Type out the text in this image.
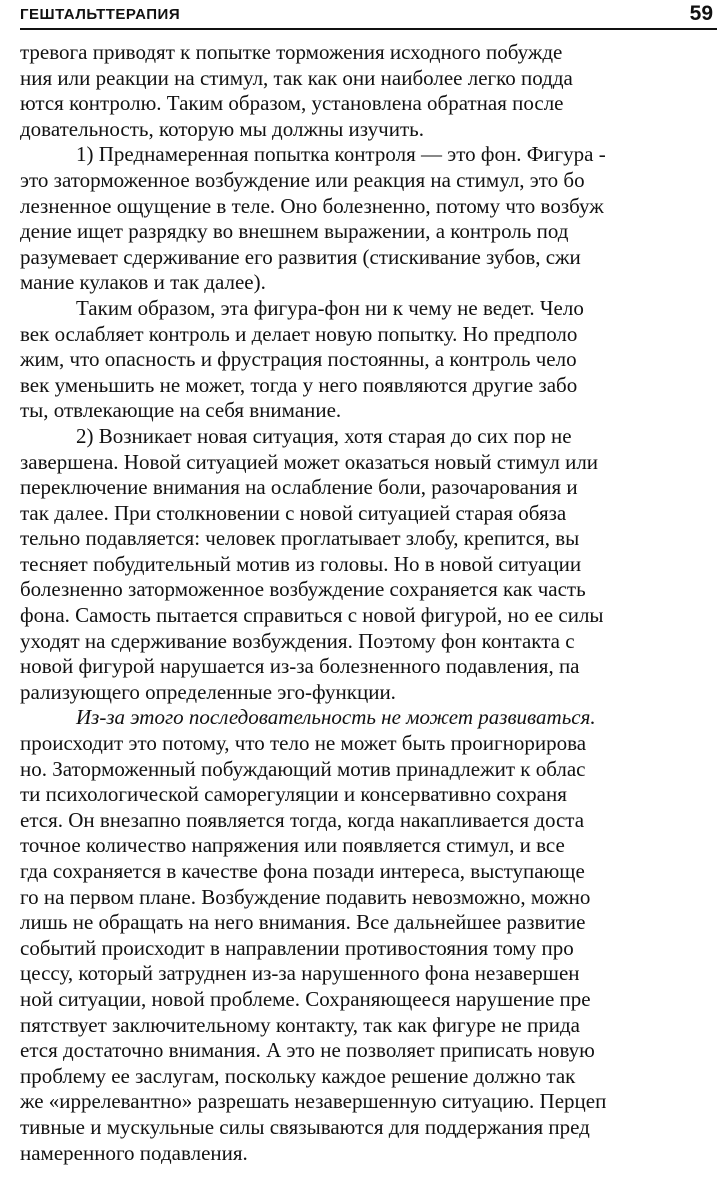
ГЕШТАЛЬТТЕРАПИЯ	59
тревога приводят к попытке торможения исходного побужде
ния или реакции на стимул, так как они наиболее легко подда
ются контролю. Таким образом, установлена обратная после
довательность, которую мы должны изучить.
1) Преднамеренная попытка контроля — это фон. Фигура -
это заторможенное возбуждение или реакция на стимул, это бо
лезненное ощущение в теле. Оно болезненно, потому что возбуж
дение ищет разрядку во внешнем выражении, а контроль под
разумевает сдерживание его развития (стискивание зубов, сжи
мание кулаков и так далее).
Таким образом, эта фигура-фон ни к чему не ведет. Чело
век ослабляет контроль и делает новую попытку. Но предполо
жим, что опасность и фрустрация постоянны, а контроль чело
век уменьшить не может, тогда у него появляются другие забо
ты, отвлекающие на себя внимание.
2) Возникает новая ситуация, хотя старая до сих пор не
завершена. Новой ситуацией может оказаться новый стимул или
переключение внимания на ослабление боли, разочарования и
так далее. При столкновении с новой ситуацией старая обяза
тельно подавляется: человек проглатывает злобу, крепится, вы
тесняет побудительный мотив из головы. Но в новой ситуации
болезненно заторможенное возбуждение сохраняется как часть
фона. Самость пытается справиться с новой фигурой, но ее силы
уходят на сдерживание возбуждения. Поэтому фон контакта с
новой фигурой нарушается из-за болезненного подавления, па
рализующего определенные эго-функции.
Из-за этого последовательность не может развиваться.
происходит это потому, что тело не может быть проигнорирова
но. Заторможенный побуждающий мотив принадлежит к облас
ти психологической саморегуляции и консервативно сохраня
ется. Он внезапно появляется тогда, когда накапливается доста
точное количество напряжения или появляется стимул, и все
гда сохраняется в качестве фона позади интереса, выступающе
го на первом плане. Возбуждение подавить невозможно, можно
лишь не обращать на него внимания. Все дальнейшее развитие
событий происходит в направлении противостояния тому про
цессу, который затруднен из-за нарушенного фона незавершен
ной ситуации, новой проблеме. Сохраняющееся нарушение пре
пятствует заключительному контакту, так как фигуре не прида
ется достаточно внимания. А это не позволяет приписать новую
проблему ее заслугам, поскольку каждое решение должно так
же «иррелевантно» разрешать незавершенную ситуацию. Перцеп
тивные и мускульные силы связываются для поддержания пред
намеренного подавления.
